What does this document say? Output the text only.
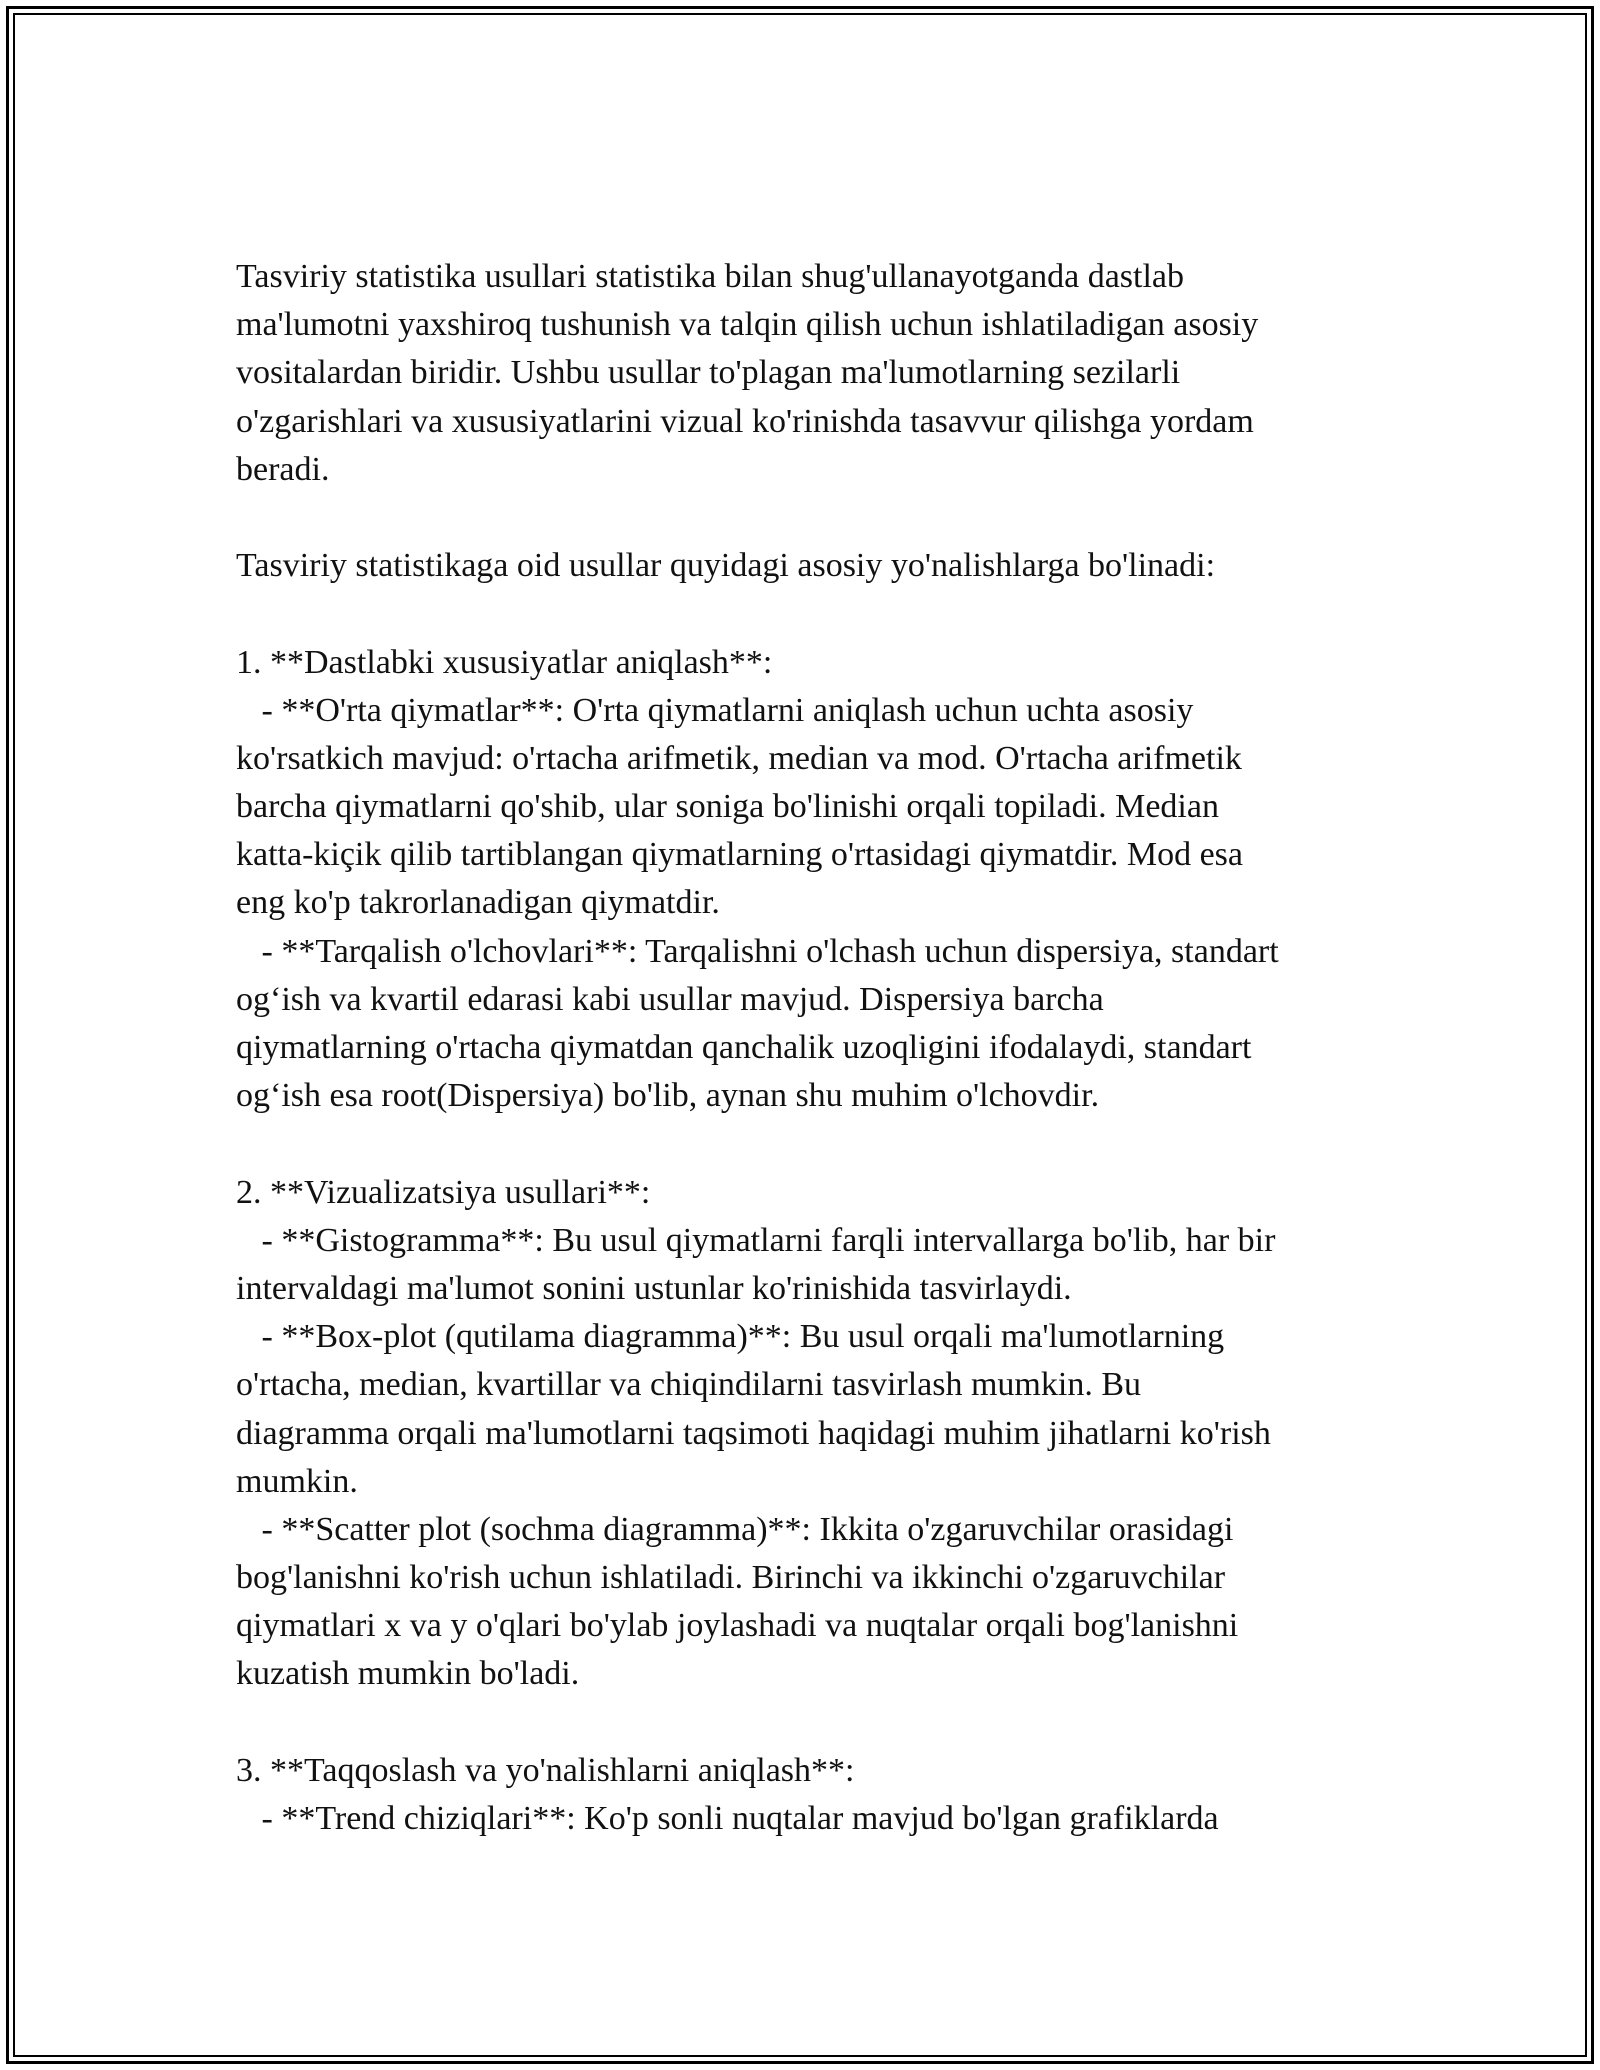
Tasviriy statistika usullari statistika bilan shug'ullanayotganda dastlab
ma'lumotni yaxshiroq tushunish va talqin qilish uchun ishlatiladigan asosiy
vositalardan biridir. Ushbu usullar to'plagan ma'lumotlarning sezilarli
o'zgarishlari va xususiyatlarini vizual ko'rinishda tasavvur qilishga yordam
beradi.
Tasviriy statistikaga oid usullar quyidagi asosiy yo'nalishlarga bo'linadi:
1. **Dastlabki xususiyatlar aniqlash**:
- **O'rta qiymatlar**: O'rta qiymatlarni aniqlash uchun uchta asosiy
ko'rsatkich mavjud: o'rtacha arifmetik, median va mod. O'rtacha arifmetik
barcha qiymatlarni qo'shib, ular soniga bo'linishi orqali topiladi. Median
katta-kiçik qilib tartiblangan qiymatlarning o'rtasidagi qiymatdir. Mod esa
eng ko'p takrorlanadigan qiymatdir.
- **Tarqalish o'lchovlari**: Tarqalishni o'lchash uchun dispersiya, standart
og‘ish va kvartil edarasi kabi usullar mavjud. Dispersiya barcha
qiymatlarning o'rtacha qiymatdan qanchalik uzoqligini ifodalaydi, standart
og‘ish esa root(Dispersiya) bo'lib, aynan shu muhim o'lchovdir.
2. **Vizualizatsiya usullari**:
- **Gistogramma**: Bu usul qiymatlarni farqli intervallarga bo'lib, har bir
intervaldagi ma'lumot sonini ustunlar ko'rinishida tasvirlaydi.
- **Box-plot (qutilama diagramma)**: Bu usul orqali ma'lumotlarning
o'rtacha, median, kvartillar va chiqindilarni tasvirlash mumkin. Bu
diagramma orqali ma'lumotlarni taqsimoti haqidagi muhim jihatlarni ko'rish
mumkin.
- **Scatter plot (sochma diagramma)**: Ikkita o'zgaruvchilar orasidagi
bog'lanishni ko'rish uchun ishlatiladi. Birinchi va ikkinchi o'zgaruvchilar
qiymatlari x va y o'qlari bo'ylab joylashadi va nuqtalar orqali bog'lanishni
kuzatish mumkin bo'ladi.
3. **Taqqoslash va yo'nalishlarni aniqlash**:
- **Trend chiziqlari**: Ko'p sonli nuqtalar mavjud bo'lgan grafiklarda
